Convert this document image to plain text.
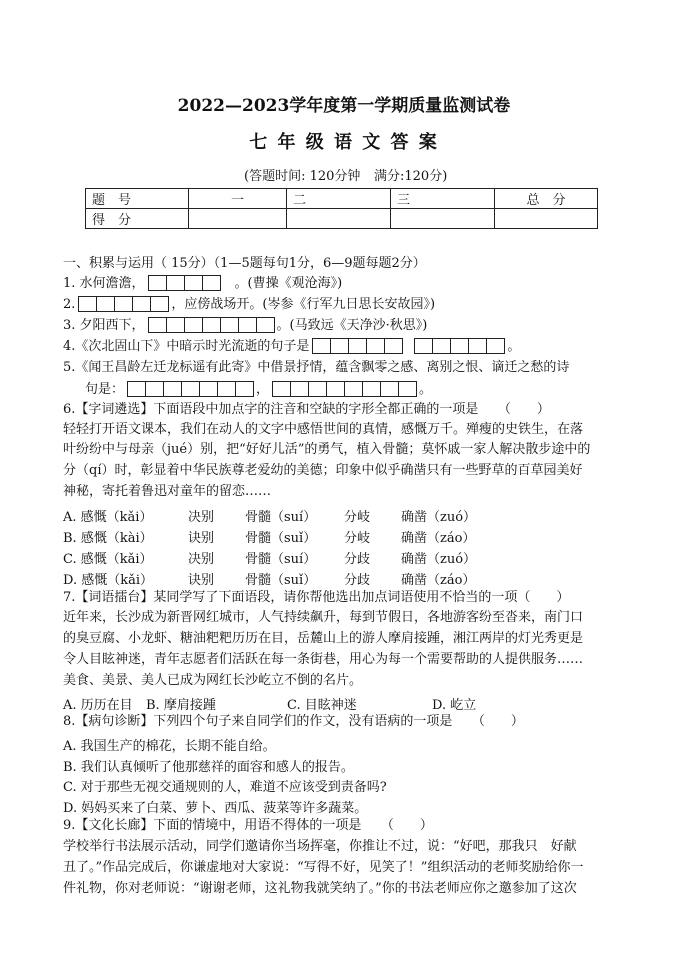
2022—2023学年度第一学期质量监测试卷
七 年 级 语 文 答 案
(答题时间: 120分钟 满分:120分)
题　号	一	二	三	总　分
得　分				
一、积累与运用（ 15分）（1—5题每句1分，6—9题每题2分）
1. 水何澹澹，	。(曹操《观沧海》)
2.	，应傍战场开。(岑参《行军九日思长安故园》)
3. 夕阳西下，	。(马致远《天净沙·秋思》)
4.《次北固山下》中暗示时光流逝的句子是	。
5.《闻王昌龄左迁龙标遥有此寄》中借景抒情，蕴含飘零之感、离别之恨、谪迁之愁的诗
句是：	，	。
6.【字词遴选】下面语段中加点字的注音和空缺的字形全都正确的一项是　　（　　）
轻轻打开语文课本，我们在动人的文字中感悟世间的真情，感慨万千。殚瘦的史铁生，在落
叶纷纷中与母亲（jué）别，把“好好儿活”的勇气，植入骨髓；莫怀戚一家人解决散步途中的
分（qí）时，彰显着中华民族尊老爱幼的美德；印象中似乎确凿只有一些野草的百草园美好
神秘，寄托着鲁迅对童年的留恋……
A. 感慨（kǎi）	决别 骨髓（suí） 分岐 确凿（zuó）
B. 感慨（kài）	诀别 骨髓（suǐ） 分岐 确凿（záo）
C. 感慨（kǎi）	决别 骨髓（suí） 分歧 确凿（zuó）
D. 感慨（kǎi）	诀别 骨髓（suǐ） 分歧 确凿（záo）
7.【词语擂台】某同学写了下面语段，请你帮他选出加点词语使用不恰当的一项（　　）
近年来，长沙成为新晋网红城市，人气持续飙升，每到节假日，各地游客纷至沓来，南门口
的臭豆腐、小龙虾、糖油粑粑历历在目，岳麓山上的游人摩肩接踵，湘江两岸的灯光秀更是
令人目眩神迷，青年志愿者们活跃在每一条街巷，用心为每一个需要帮助的人提供服务……
美食、美景、美人已成为网红长沙屹立不倒的名片。
A. 历历在目 B. 摩肩接踵	C. 目眩神迷	D. 屹立
8.【病句诊断】下列四个句子来自同学们的作文，没有语病的一项是　　（　　）
A. 我国生产的棉花，长期不能自给。
B. 我们认真倾听了他那慈祥的面容和感人的报告。
C. 对于那些无视交通规则的人，难道不应该受到责备吗?
D. 妈妈买来了白菜、萝卜、西瓜、菠菜等许多蔬菜。
9.【文化长廊】下面的情境中，用语不得体的一项是　　（　　）
学校举行书法展示活动，同学们邀请你当场挥毫，你推让不过，说：“好吧，那我只　好献
丑了。”作品完成后，你谦虚地对大家说：“写得不好，见笑了！”组织活动的老师奖励给你一
件礼物，你对老师说：“谢谢老师，这礼物我就笑纳了。”你的书法老师应你之邀参加了这次
